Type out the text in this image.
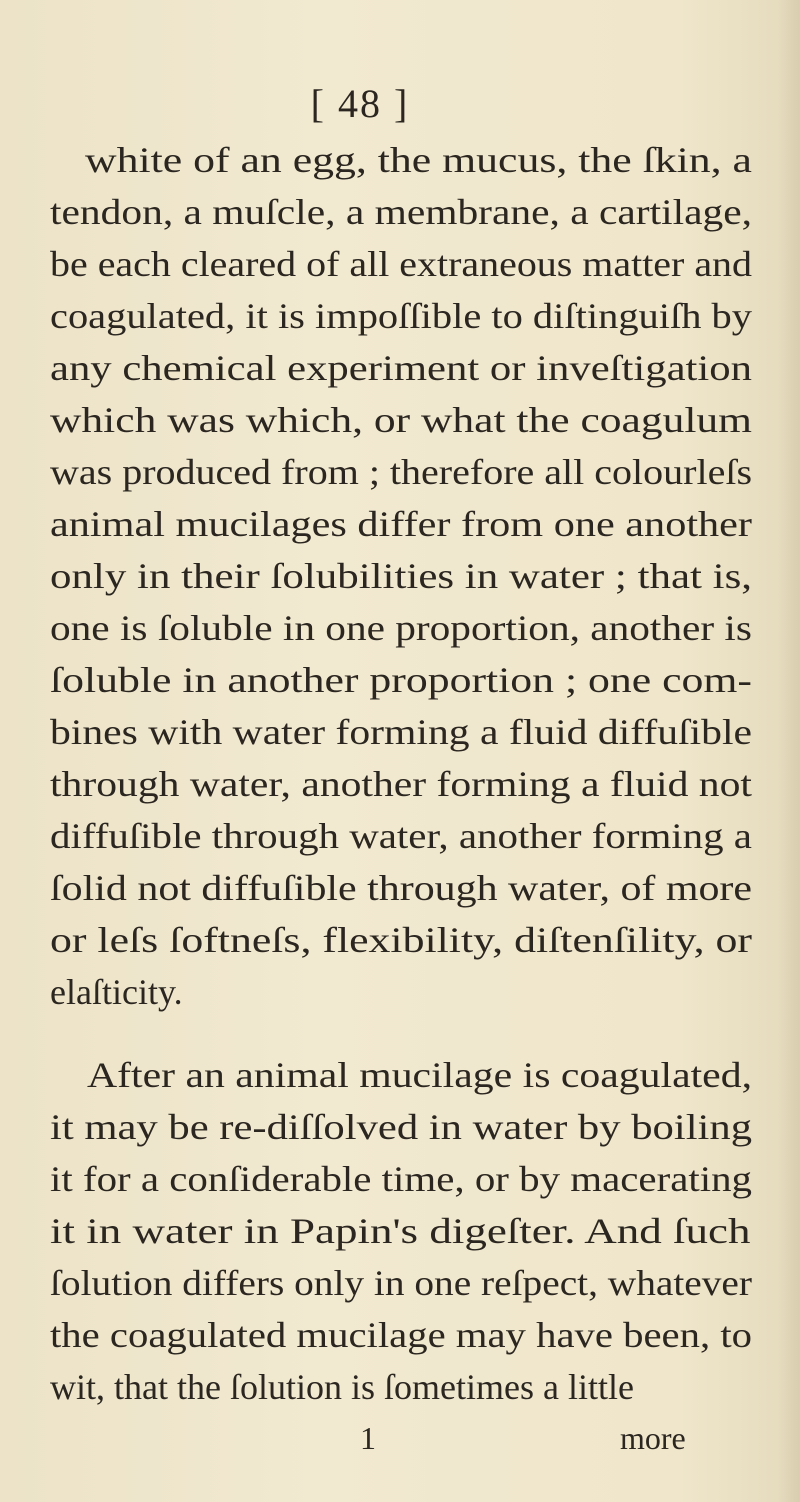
[ 48 ]
white of an egg, the mucus, the ſkin, a
tendon, a muſcle, a membrane, a cartilage,
be each cleared of all extraneous matter and
coagulated, it is impoſſible to diſtinguiſh by
any chemical experiment or inveſtigation
which was which, or what the coagulum
was produced from ; therefore all colourleſs
animal mucilages differ from one another
only in their ſolubilities in water ; that is,
one is ſoluble in one proportion, another is
ſoluble in another proportion ; one com-
bines with water forming a fluid diffuſible
through water, another forming a fluid not
diffuſible through water, another forming a
ſolid not diffuſible through water, of more
or leſs ſoftneſs, flexibility, diſtenſility, or
elaſticity.
After an animal mucilage is coagulated,
it may be re-diſſolved in water by boiling
it for a conſiderable time, or by macerating
it in water in Papin's digeſter. And ſuch
ſolution differs only in one reſpect, whatever
the coagulated mucilage may have been, to
wit, that the ſolution is ſometimes a little
1	more
